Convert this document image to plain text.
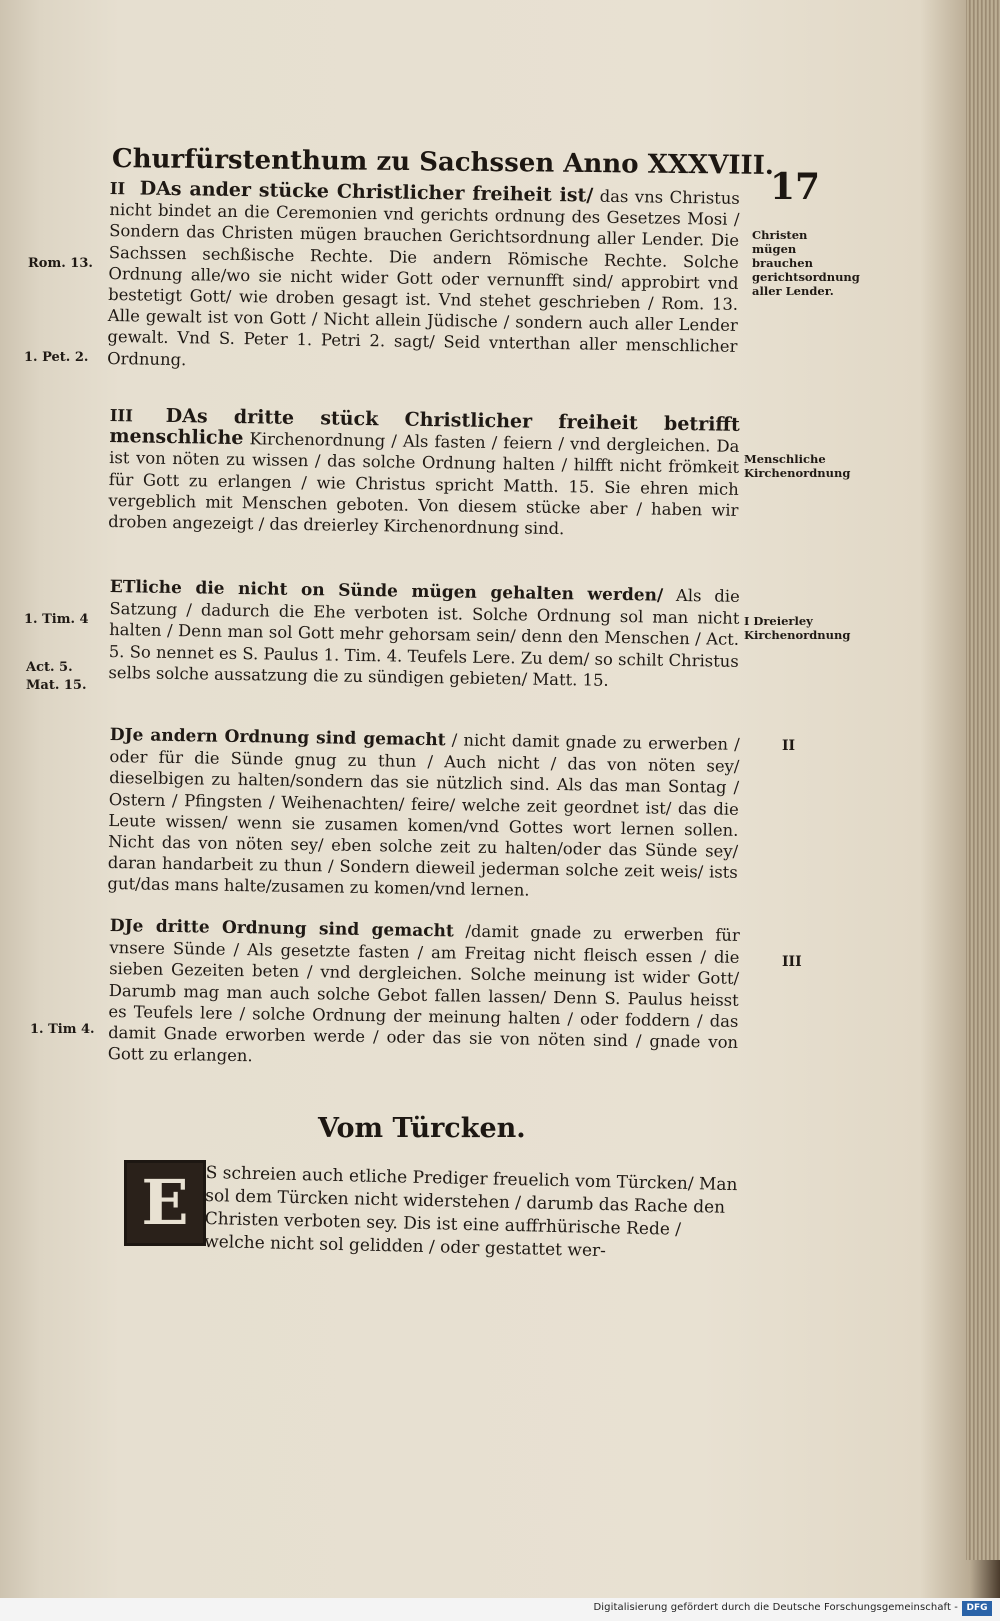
Churfürstenthum zu Sachssen Anno XXXVIII.
17

II DAs ander stücke Christlicher freiheit ist/ das vns Christus nicht bindet an die Ceremonien vnd gerichts ordnung des Gesetzes Mosi / Sondern das Christen mügen brauchen Gerichtsordnung aller Lender. Die Sachssen sechßische Rechte. Die andern Römische Rechte. Solche Ordnung alle/wo sie nicht wider Gott oder vernunfft sind/ approbirt vnd bestetigt Gott/ wie droben gesagt ist. Vnd stehet geschrieben / Rom. 13. Alle gewalt ist von Gott / Nicht allein Jüdische / sondern auch aller Lender gewalt. Vnd S. Peter 1. Petri 2. sagt/ Seid vnterthan aller menschlicher Ordnung.

III DAs dritte stück Christlicher freiheit betrifft menschliche Kirchenordnung / Als fasten / feiern / vnd dergleichen. Da ist von nöten zu wissen / das solche Ordnung halten / hilfft nicht frömkeit für Gott zu erlangen / wie Christus spricht Matth. 15. Sie ehren mich vergeblich mit Menschen geboten. Von diesem stücke aber / haben wir droben angezeigt / das dreierley Kirchenordnung sind.

ETliche die nicht on Sünde mügen gehalten werden/ Als die Satzung / dadurch die Ehe verboten ist. Solche Ordnung sol man nicht halten / Denn man sol Gott mehr gehorsam sein/ denn den Menschen / Act. 5. So nennet es S. Paulus 1. Tim. 4. Teufels Lere. Zu dem/ so schilt Christus selbs solche aussatzung die zu sündigen gebieten/ Matt. 15.

DJe andern Ordnung sind gemacht / nicht damit gnade zu erwerben / oder für die Sünde gnug zu thun / Auch nicht / das von nöten sey/ dieselbigen zu halten/sondern das sie nützlich sind. Als das man Sontag / Ostern / Pfingsten / Weihenachten/ feire/ welche zeit geordnet ist/ das die Leute wissen/ wenn sie zusamen komen/vnd Gottes wort lernen sollen. Nicht das von nöten sey/ eben solche zeit zu halten/oder das Sünde sey/ daran handarbeit zu thun / Sondern dieweil jederman solche zeit weis/ ists gut/das mans halte/zusamen zu komen/vnd lernen.

DJe dritte Ordnung sind gemacht /damit gnade zu erwerben für vnsere Sünde / Als gesetzte fasten / am Freitag nicht fleisch essen / die sieben Gezeiten beten / vnd dergleichen. Solche meinung ist wider Gott/ Darumb mag man auch solche Gebot fallen lassen/ Denn S. Paulus heisst es Teufels lere / solche Ordnung der meinung halten / oder foddern / das damit Gnade erworben werde / oder das sie von nöten sind / gnade von Gott zu erlangen.

Christen mügen brauchen gerichtsordnung aller Lender.
Menschliche Kirchenordnung
I Dreierley Kirchenordnung
II
III
Rom. 13.
1. Pet. 2.
1. Tim. 4
Act. 5.
Mat. 15.
1. Tim 4.
Vom Türcken.
E S schreien auch etliche Prediger freuelich vom Türcken/ Man sol dem Türcken nicht widerstehen / darumb das Rache den Christen verboten sey. Dis ist eine auffrhürische Rede / welche nicht sol gelidden / oder gestattet wer-

Digitalisierung gefördert durch die Deutsche Forschungsgemeinschaft - DFG
